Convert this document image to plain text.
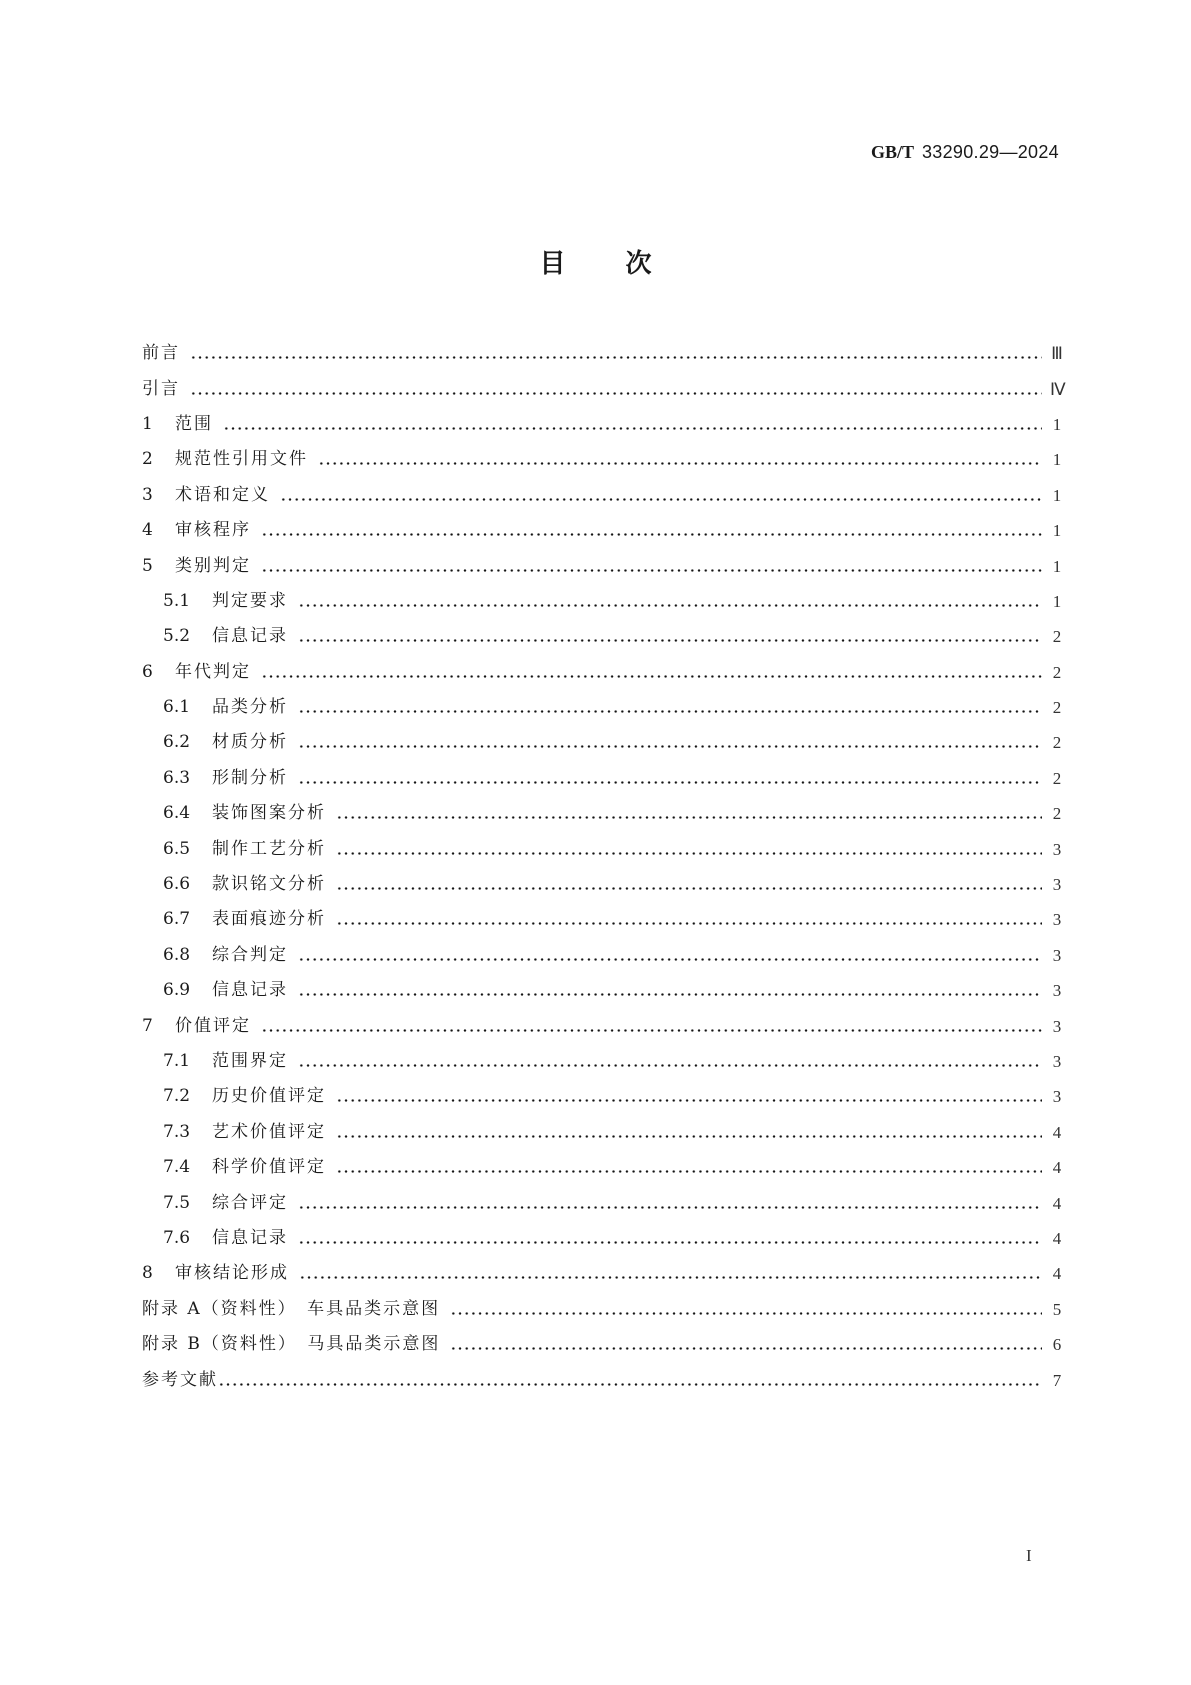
GB/T 33290.29—2024
目次
前言	Ⅲ
引言	Ⅳ
1	范围	1
2	规范性引用文件	1
3	术语和定义	1
4	审核程序	1
5	类别判定	1
5.1	判定要求	1
5.2	信息记录	2
6	年代判定	2
6.1	品类分析	2
6.2	材质分析	2
6.3	形制分析	2
6.4	装饰图案分析	2
6.5	制作工艺分析	3
6.6	款识铭文分析	3
6.7	表面痕迹分析	3
6.8	综合判定	3
6.9	信息记录	3
7	价值评定	3
7.1	范围界定	3
7.2	历史价值评定	3
7.3	艺术价值评定	4
7.4	科学价值评定	4
7.5	综合评定	4
7.6	信息记录	4
8	审核结论形成	4
附录 A（资料性）　车具品类示意图	5
附录 B（资料性）　马具品类示意图	6
参考文献	7
I
